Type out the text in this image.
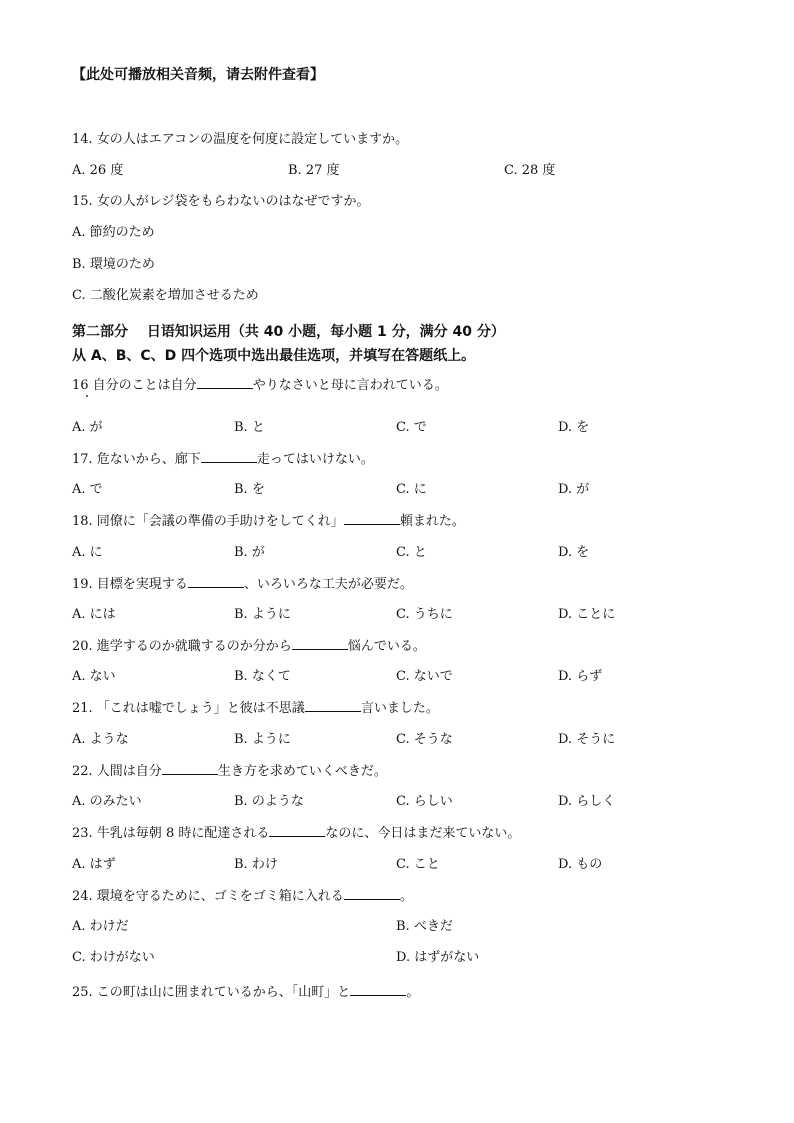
【此处可播放相关音频，请去附件查看】

14. 女の人はエアコンの温度を何度に設定していますか。

A. 26 度	B. 27 度	C. 28 度

15. 女の人がレジ袋をもらわないのはなぜですか。

A. 節約のため
B. 環境のため
C. 二酸化炭素を増加させるため

第二部分　 日语知识运用（共 40 小题，每小题 1 分，满分 40 分）

从 A、B、C、D 四个选项中选出最佳选项，并填写在答题纸上。

16 自分のことは自分	やりなさいと母に言われている。

A. が	B. と	C. で	D. を

17. 危ないから、廊下	走ってはいけない。

A. で	B. を	C. に	D. が

18. 同僚に「会議の準備の手助けをしてくれ」	頼まれた。

A. に	B. が	C. と	D. を

19. 目標を実現する	、いろいろな工夫が必要だ。

A. には	B. ように	C. うちに	D. ことに

20. 進学するのか就職するのか分から	悩んでいる。

A. ない	B. なくて	C. ないで	D. らず

21. 「これは嘘でしょう」と彼は不思議	言いました。

A. ような	B. ように	C. そうな	D. そうに

22. 人間は自分	生き方を求めていくべきだ。

A. のみたい	B. のような	C. らしい	D. らしく

23. 牛乳は毎朝 8 時に配達される	なのに、今日はまだ来ていない。

A. はず	B. わけ	C. こと	D. もの

24. 環境を守るために、ゴミをゴミ箱に入れる	。

A. わけだ	B. べきだ
C. わけがない	D. はずがない

25. この町は山に囲まれているから、「山町」と	。
